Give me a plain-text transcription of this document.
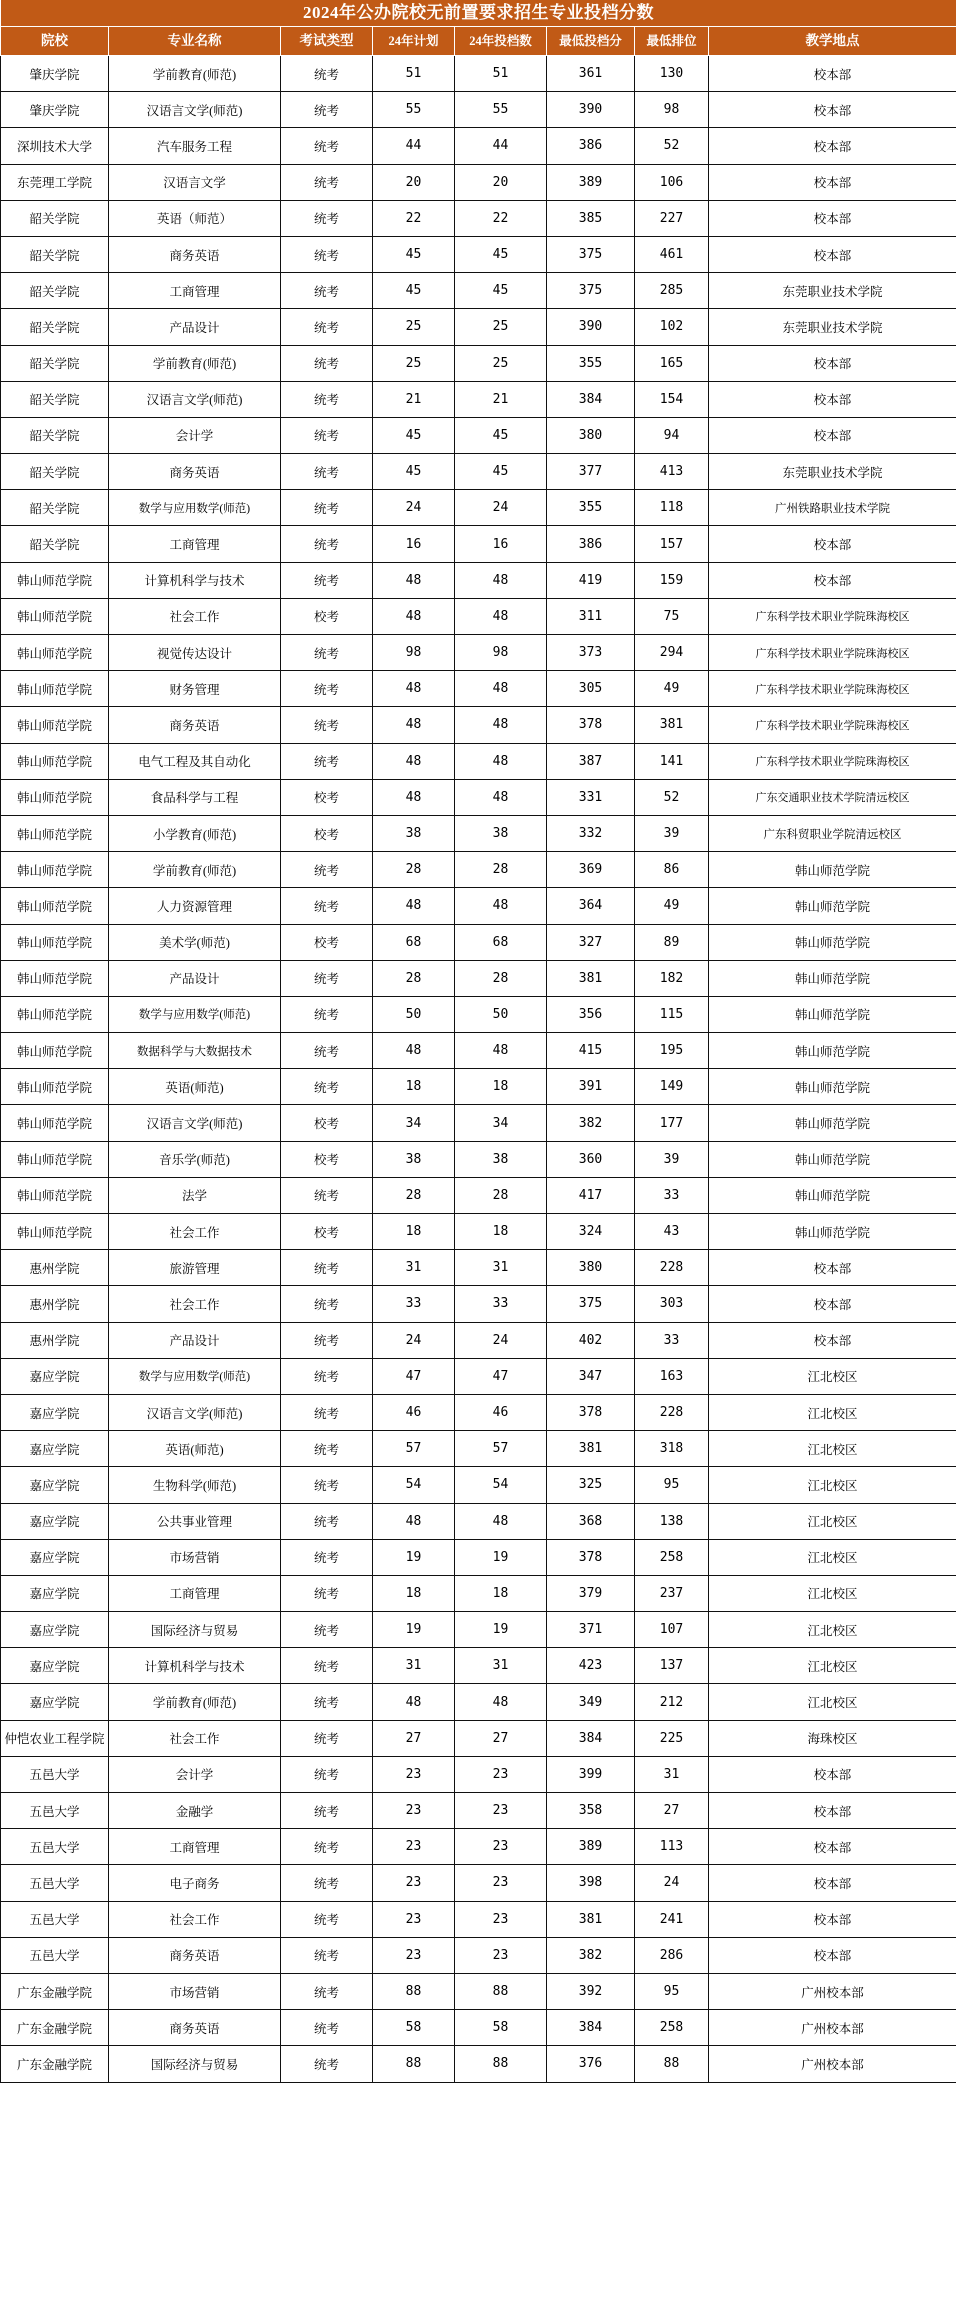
2024年公办院校无前置要求招生专业投档分数							
院校	专业名称	考试类型	24年计划	24年投档数	最低投档分	最低排位	教学地点
肇庆学院	学前教育(师范)	统考	51	51	361	130	校本部
肇庆学院	汉语言文学(师范)	统考	55	55	390	98	校本部
深圳技术大学	汽车服务工程	统考	44	44	386	52	校本部
东莞理工学院	汉语言文学	统考	20	20	389	106	校本部
韶关学院	英语（师范）	统考	22	22	385	227	校本部
韶关学院	商务英语	统考	45	45	375	461	校本部
韶关学院	工商管理	统考	45	45	375	285	东莞职业技术学院
韶关学院	产品设计	统考	25	25	390	102	东莞职业技术学院
韶关学院	学前教育(师范)	统考	25	25	355	165	校本部
韶关学院	汉语言文学(师范)	统考	21	21	384	154	校本部
韶关学院	会计学	统考	45	45	380	94	校本部
韶关学院	商务英语	统考	45	45	377	413	东莞职业技术学院
韶关学院	数学与应用数学(师范)	统考	24	24	355	118	广州铁路职业技术学院
韶关学院	工商管理	统考	16	16	386	157	校本部
韩山师范学院	计算机科学与技术	统考	48	48	419	159	校本部
韩山师范学院	社会工作	校考	48	48	311	75	广东科学技术职业学院珠海校区
韩山师范学院	视觉传达设计	统考	98	98	373	294	广东科学技术职业学院珠海校区
韩山师范学院	财务管理	统考	48	48	305	49	广东科学技术职业学院珠海校区
韩山师范学院	商务英语	统考	48	48	378	381	广东科学技术职业学院珠海校区
韩山师范学院	电气工程及其自动化	统考	48	48	387	141	广东科学技术职业学院珠海校区
韩山师范学院	食品科学与工程	校考	48	48	331	52	广东交通职业技术学院清远校区
韩山师范学院	小学教育(师范)	校考	38	38	332	39	广东科贸职业学院清远校区
韩山师范学院	学前教育(师范)	统考	28	28	369	86	韩山师范学院
韩山师范学院	人力资源管理	统考	48	48	364	49	韩山师范学院
韩山师范学院	美术学(师范)	校考	68	68	327	89	韩山师范学院
韩山师范学院	产品设计	统考	28	28	381	182	韩山师范学院
韩山师范学院	数学与应用数学(师范)	统考	50	50	356	115	韩山师范学院
韩山师范学院	数据科学与大数据技术	统考	48	48	415	195	韩山师范学院
韩山师范学院	英语(师范)	统考	18	18	391	149	韩山师范学院
韩山师范学院	汉语言文学(师范)	校考	34	34	382	177	韩山师范学院
韩山师范学院	音乐学(师范)	校考	38	38	360	39	韩山师范学院
韩山师范学院	法学	统考	28	28	417	33	韩山师范学院
韩山师范学院	社会工作	校考	18	18	324	43	韩山师范学院
惠州学院	旅游管理	统考	31	31	380	228	校本部
惠州学院	社会工作	统考	33	33	375	303	校本部
惠州学院	产品设计	统考	24	24	402	33	校本部
嘉应学院	数学与应用数学(师范)	统考	47	47	347	163	江北校区
嘉应学院	汉语言文学(师范)	统考	46	46	378	228	江北校区
嘉应学院	英语(师范)	统考	57	57	381	318	江北校区
嘉应学院	生物科学(师范)	统考	54	54	325	95	江北校区
嘉应学院	公共事业管理	统考	48	48	368	138	江北校区
嘉应学院	市场营销	统考	19	19	378	258	江北校区
嘉应学院	工商管理	统考	18	18	379	237	江北校区
嘉应学院	国际经济与贸易	统考	19	19	371	107	江北校区
嘉应学院	计算机科学与技术	统考	31	31	423	137	江北校区
嘉应学院	学前教育(师范)	统考	48	48	349	212	江北校区
仲恺农业工程学院	社会工作	统考	27	27	384	225	海珠校区
五邑大学	会计学	统考	23	23	399	31	校本部
五邑大学	金融学	统考	23	23	358	27	校本部
五邑大学	工商管理	统考	23	23	389	113	校本部
五邑大学	电子商务	统考	23	23	398	24	校本部
五邑大学	社会工作	统考	23	23	381	241	校本部
五邑大学	商务英语	统考	23	23	382	286	校本部
广东金融学院	市场营销	统考	88	88	392	95	广州校本部
广东金融学院	商务英语	统考	58	58	384	258	广州校本部
广东金融学院	国际经济与贸易	统考	88	88	376	88	广州校本部
